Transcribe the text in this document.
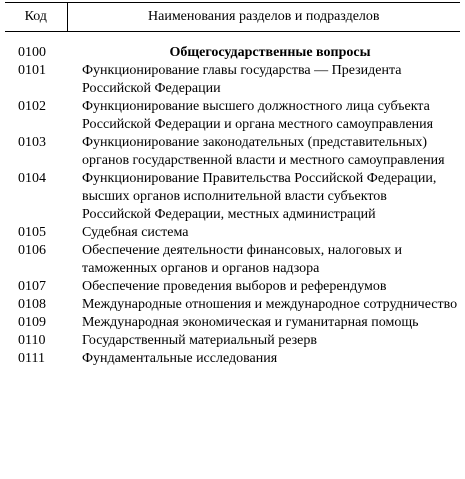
Код	Наименования разделов и подразделов

0100	Общегосударственные вопросы
0101	Функционирование главы государства — Президента Российской Федерации
0102	Функционирование высшего должностного лица субъекта Российской Федерации и органа местного самоуправления
0103	Функционирование законодательных (представительных) органов государственной власти и местного самоуправления
0104	Функционирование Правительства Российской Федерации, высших органов исполнительной власти субъектов Российской Федерации, местных администраций
0105	Судебная система
0106	Обеспечение деятельности финансовых, налоговых и таможенных органов и органов надзора
0107	Обеспечение проведения выборов и референдумов
0108	Международные отношения и международное сотрудничество
0109	Международная экономическая и гуманитарная помощь
0110	Государственный материальный резерв
0111	Фундаментальные исследования
